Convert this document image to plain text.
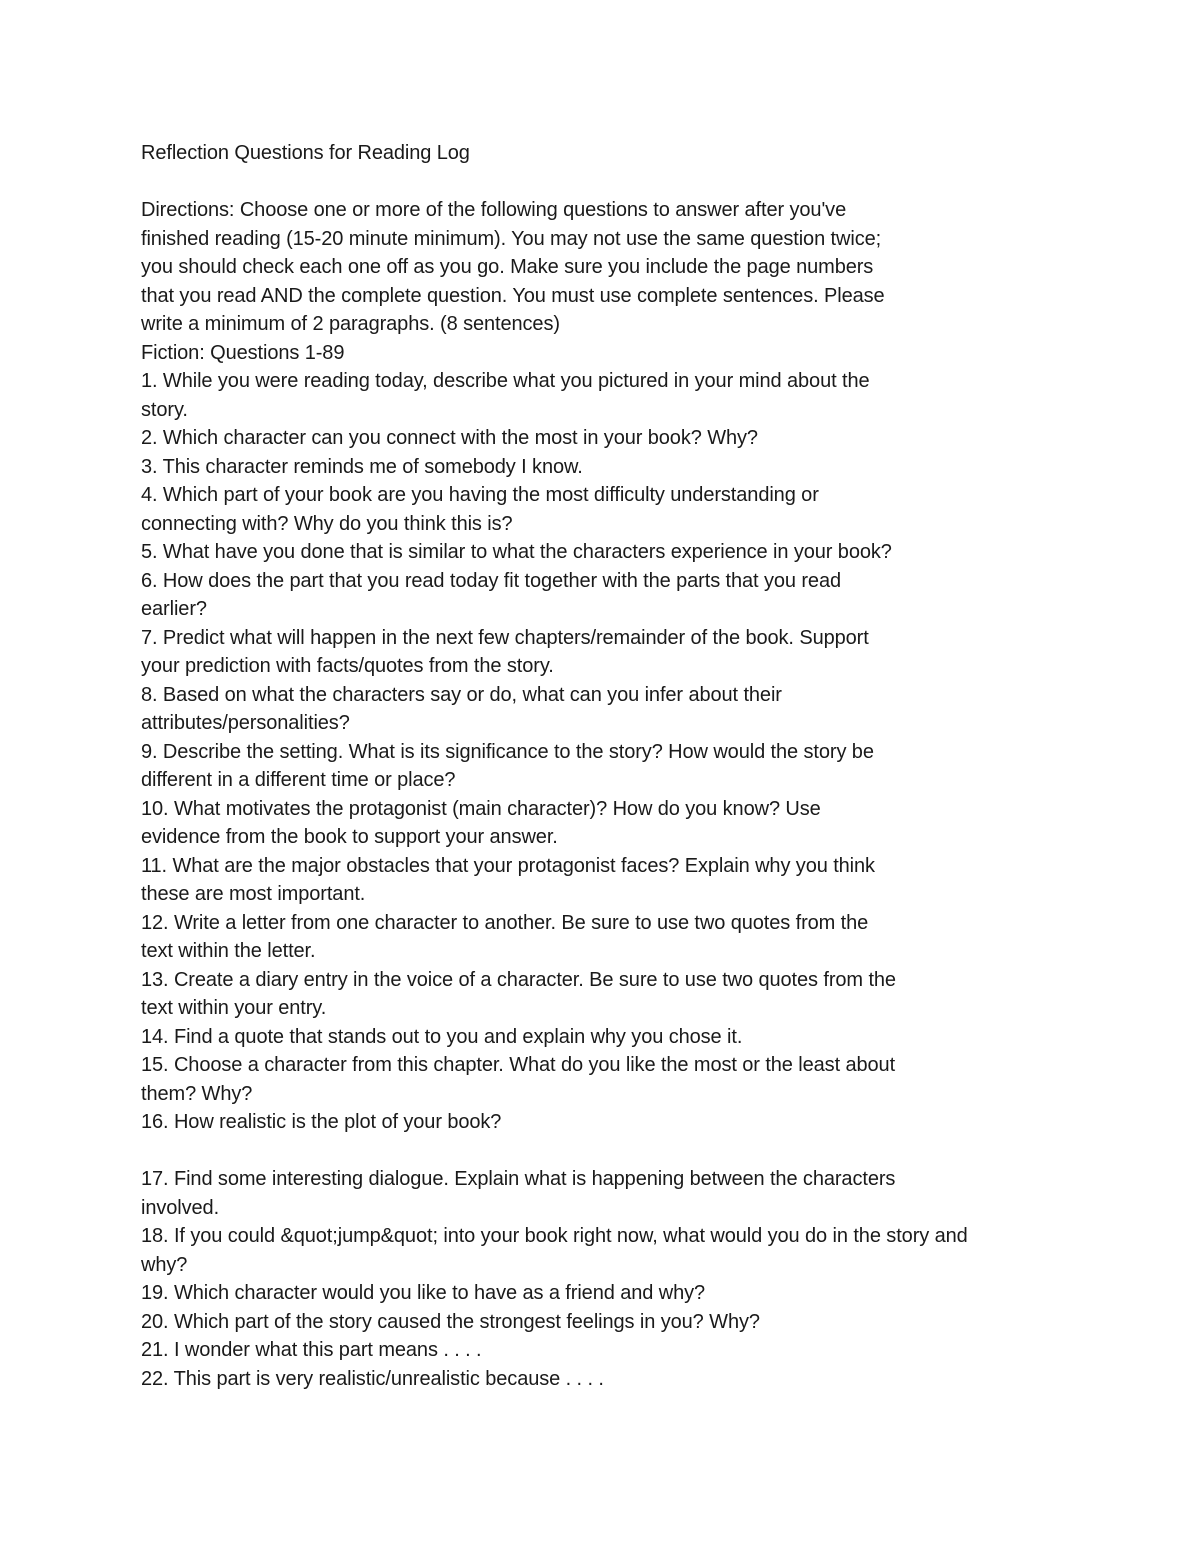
Reflection Questions for Reading Log
Directions: Choose one or more of the following questions to answer after you've
finished reading (15-20 minute minimum). You may not use the same question twice;
you should check each one off as you go. Make sure you include the page numbers
that you read AND the complete question. You must use complete sentences. Please
write a minimum of 2 paragraphs. (8 sentences)
Fiction: Questions 1-89
1. While you were reading today, describe what you pictured in your mind about the
story.
2. Which character can you connect with the most in your book? Why?
3. This character reminds me of somebody I know.
4. Which part of your book are you having the most difficulty understanding or
connecting with? Why do you think this is?
5. What have you done that is similar to what the characters experience in your book?
6. How does the part that you read today fit together with the parts that you read
earlier?
7. Predict what will happen in the next few chapters/remainder of the book. Support
your prediction with facts/quotes from the story.
8. Based on what the characters say or do, what can you infer about their
attributes/personalities?
9. Describe the setting. What is its significance to the story? How would the story be
different in a different time or place?
10. What motivates the protagonist (main character)? How do you know? Use
evidence from the book to support your answer.
11. What are the major obstacles that your protagonist faces? Explain why you think
these are most important.
12. Write a letter from one character to another. Be sure to use two quotes from the
text within the letter.
13. Create a diary entry in the voice of a character. Be sure to use two quotes from the
text within your entry.
14. Find a quote that stands out to you and explain why you chose it.
15. Choose a character from this chapter. What do you like the most or the least about
them? Why?
16. How realistic is the plot of your book?
17. Find some interesting dialogue. Explain what is happening between the characters
involved.
18. If you could &quot;jump&quot; into your book right now, what would you do in the story and
why?
19. Which character would you like to have as a friend and why?
20. Which part of the story caused the strongest feelings in you? Why?
21. I wonder what this part means . . . .
22. This part is very realistic/unrealistic because . . . .
